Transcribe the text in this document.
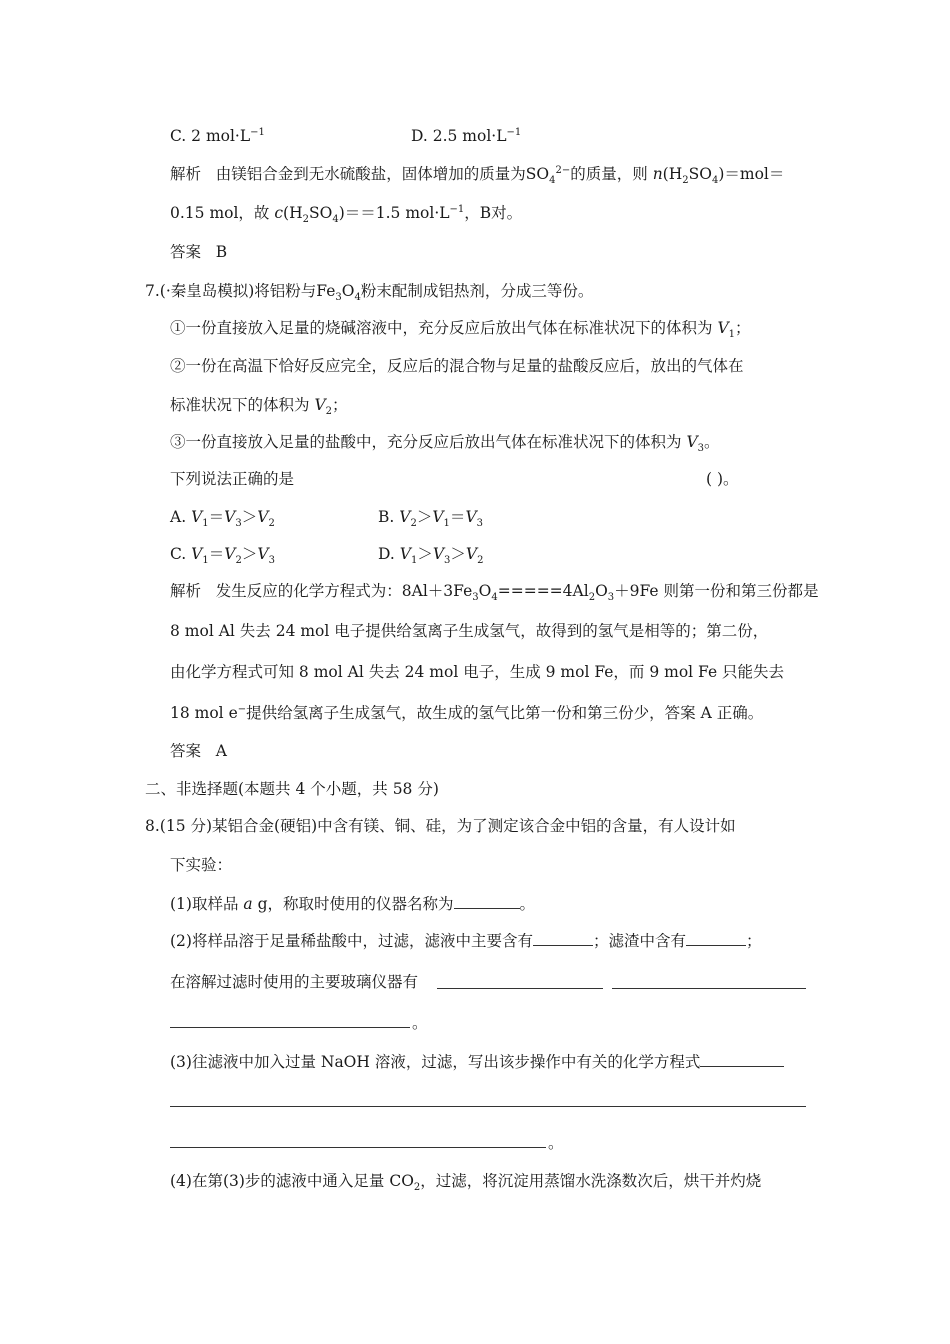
C. 2 $mol\cdot L^{-1}$	D. 2.5 $mol\cdot L^{-1}$
解析 由镁铝合金到无水硫酸盐，固体增加的质量为$SO_4^{2-}$的质量，则 $n(H_2SO_4)=mol=$
0.15 mol，故 $c(H_2SO_4)==1.5$ $mol\cdot L^{-1}$，B对。
答案 B
7.(·秦皇岛模拟)将铝粉与$Fe_3O_4$粉末配制成铝热剂，分成三等份。
①一份直接放入足量的烧碱溶液中，充分反应后放出气体在标准状况下的体积为 $V_1$；
②一份在高温下恰好反应完全，反应后的混合物与足量的盐酸反应后，放出的气体在
标准状况下的体积为 $V_2$；
③一份直接放入足量的盐酸中，充分反应后放出气体在标准状况下的体积为 $V_3$。
下列说法正确的是	( )。
A. $V_1=V_3>V_2$	B. $V_2>V_1=V_3$
C. $V_1=V_2>V_3$	D. $V_1>V_3>V_2$
解析 发生反应的化学方程式为：$8Al+3Fe_3O_4=====4Al_2O_3+9Fe$ 则第一份和第三份都是
8 mol Al 失去 24 mol 电子提供给氢离子生成氢气，故得到的氢气是相等的；第二份，
由化学方程式可知 8 mol Al 失去 24 mol 电子，生成 9 mol Fe，而 9 mol Fe 只能失去
18 mol e−提供给氢离子生成氢气，故生成的氢气比第一份和第三份少，答案 A 正确。
答案 A
二、非选择题(本题共 4 个小题，共 58 分)
8.(15 分)某铝合金(硬铝)中含有镁、铜、硅，为了测定该合金中铝的含量，有人设计如
下实验：
(1)取样品 a g，称取时使用的仪器名称为	。
(2)将样品溶于足量稀盐酸中，过滤，滤液中主要含有	；滤渣中含有	；
在溶解过滤时使用的主要玻璃仪器有
。
(3)往滤液中加入过量 NaOH 溶液，过滤，写出该步操作中有关的化学方程式
。
(4)在第(3)步的滤液中通入足量 $CO_2$，过滤，将沉淀用蒸馏水洗涤数次后，烘干并灼烧
